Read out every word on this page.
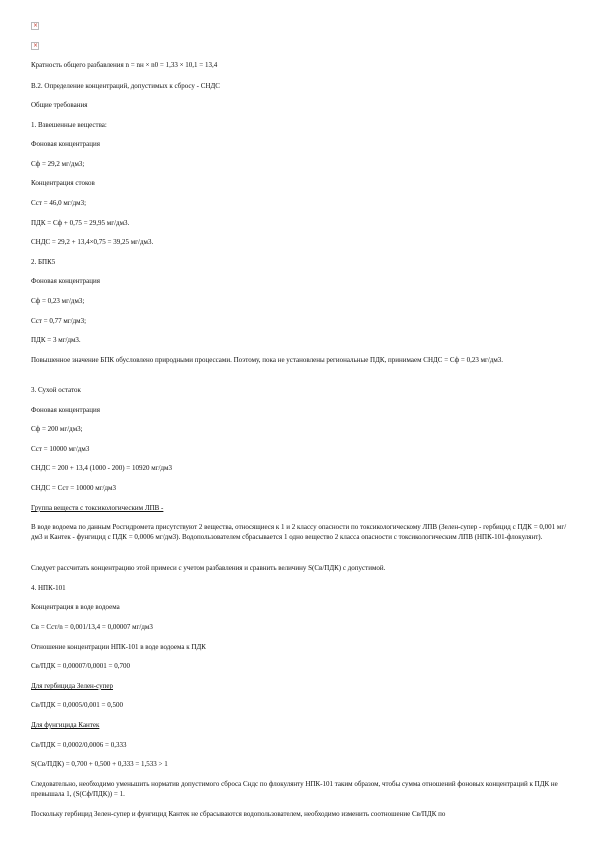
×
×
Кратность общего разбавления n = nн × n0 = 1,33 × 10,1 = 13,4
В.2. Определение концентраций, допустимых к сбросу - СНДС
Общие требования
1. Взвешенные вещества:
Фоновая концентрация
Сф = 29,2 мг/дм3;
Концентрация стоков
Сст = 46,0 мг/дм3;
ПДК = Сф + 0,75 = 29,95 мг/дм3.
СНДС = 29,2 + 13,4×0,75 = 39,25 мг/дм3.
2. БПК5
Фоновая концентрация
Сф = 0,23 мг/дм3;
Сст = 0,77 мг/дм3;
ПДК = 3 мг/дм3.
Повышенное значение БПК обусловлено природными процессами. Поэтому, пока не установлены региональные ПДК, принимаем СНДС = Сф = 0,23 мг/дм3.
3. Сухой остаток
Фоновая концентрация
Сф = 200 мг/дм3;
Сст = 10000 мг/дм3
СНДС = 200 + 13,4 (1000 - 200) = 10920 мг/дм3
СНДС = Сст = 10000 мг/дм3
Группа веществ с токсикологическим ЛПВ -
В воде водоема по данным Росгидромета присутствуют 2 вещества, относящиеся к 1 и 2 классу опасности по токсикологическому ЛПВ (Зелен-супер - гербицид с ПДК = 0,001 мг/дм3 и Кантек - фунгицид с ПДК = 0,0006 мг/дм3). Водопользователем сбрасывается 1 одно вещество 2 класса опасности с токсикологическим ЛПВ (НПК-101-флокулянт).
Следует рассчитать концентрацию этой примеси с учетом разбавления и сравнить величину S(Св/ПДК) с допустимой.
4. НПК-101
Концентрация в воде водоема
Св = Сст/n = 0,001/13,4 = 0,00007 мг/дм3
Отношение концентрации НПК-101 в воде водоема к ПДК
Св/ПДК = 0,00007/0,0001 = 0,700
Для гербицида Зелен-супер
Св/ПДК = 0,0005/0,001 = 0,500
Для фунгицида Кантек
Св/ПДК = 0,0002/0,0006 = 0,333
S(Св/ПДК) = 0,700 + 0,500 + 0,333 = 1,533 > 1
Следовательно, необходимо уменьшить норматив допустимого сброса Сндс по флокулянту НПК-101 таким образом, чтобы сумма отношений фоновых концентраций к ПДК не превышала 1, (S(Сф/ПДК)) = 1.
Поскольку гербицид Зелен-супер и фунгицид Кантек не сбрасываются водопользователем, необходимо изменить соотношение Св/ПДК по
